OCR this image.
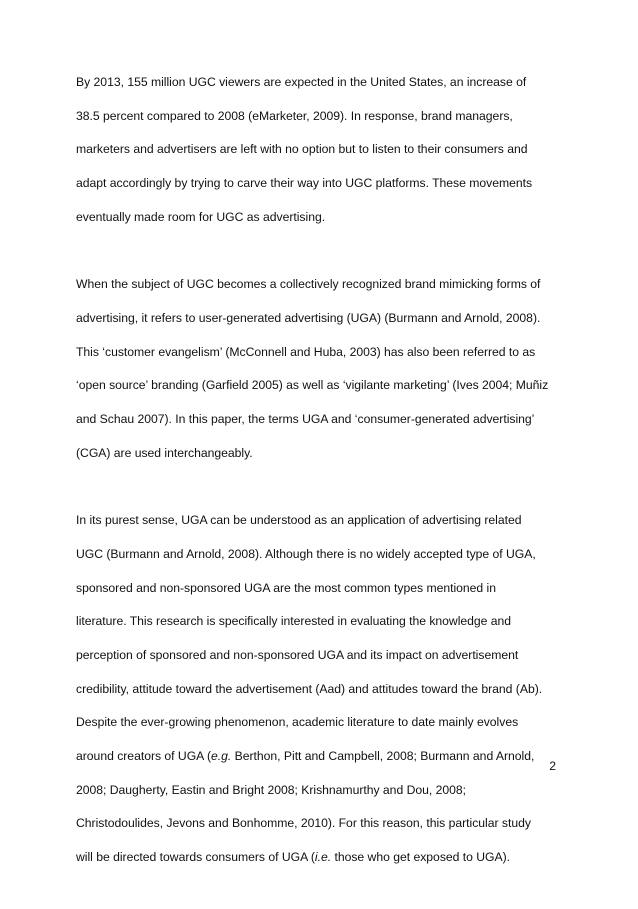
By 2013, 155 million UGC viewers are expected in the United States, an increase of
38.5 percent compared to 2008 (eMarketer, 2009). In response, brand managers,
marketers and advertisers are left with no option but to listen to their consumers and
adapt accordingly by trying to carve their way into UGC platforms. These movements
eventually made room for UGC as advertising.

When the subject of UGC becomes a collectively recognized brand mimicking forms of
advertising, it refers to user-generated advertising (UGA) (Burmann and Arnold, 2008).
This ‘customer evangelism’ (McConnell and Huba, 2003) has also been referred to as
‘open source’ branding (Garfield 2005) as well as ‘vigilante marketing’ (Ives 2004; Muñiz
and Schau 2007). In this paper, the terms UGA and ‘consumer-generated advertising’
(CGA) are used interchangeably.

In its purest sense, UGA can be understood as an application of advertising related
UGC (Burmann and Arnold, 2008). Although there is no widely accepted type of UGA,
sponsored and non-sponsored UGA are the most common types mentioned in
literature. This research is specifically interested in evaluating the knowledge and
perception of sponsored and non-sponsored UGA and its impact on advertisement
credibility, attitude toward the advertisement (Aad) and attitudes toward the brand (Ab).
Despite the ever-growing phenomenon, academic literature to date mainly evolves
around creators of UGA (e.g. Berthon, Pitt and Campbell, 2008; Burmann and Arnold,
2008; Daugherty, Eastin and Bright 2008; Krishnamurthy and Dou, 2008;
Christodoulides, Jevons and Bonhomme, 2010). For this reason, this particular study
will be directed towards consumers of UGA (i.e. those who get exposed to UGA).

2
